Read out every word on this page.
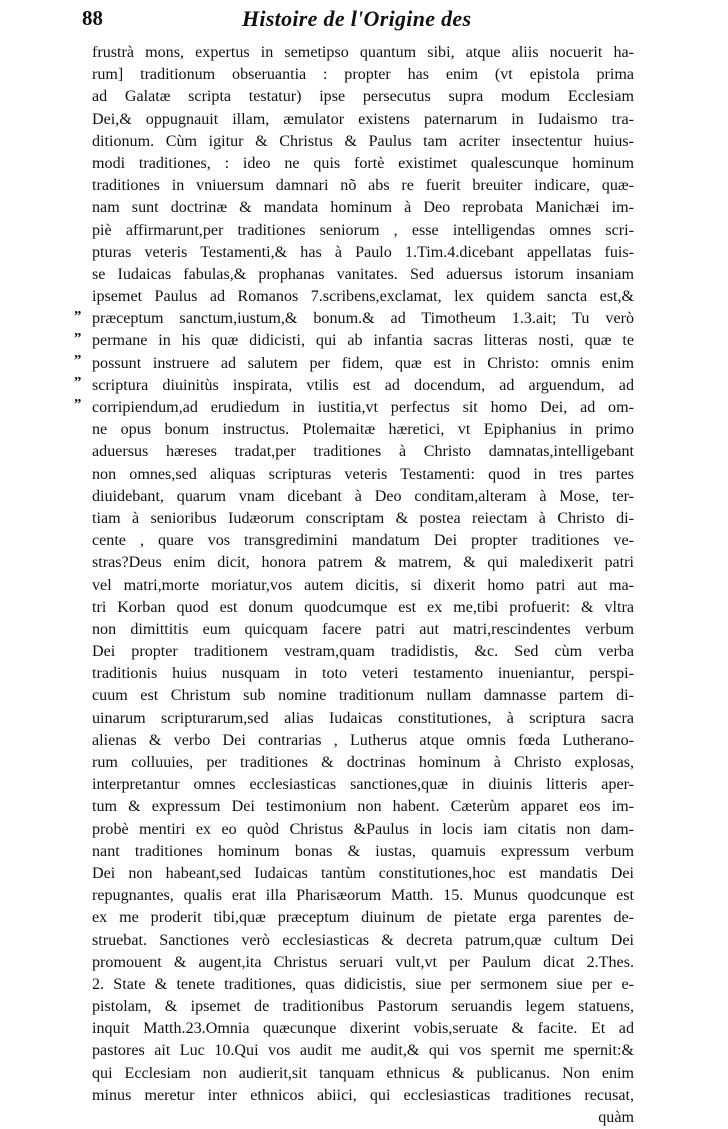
88	Histoire de l'Origine des
frustrà mons, expertus in semetipso quantum sibi, atque aliis nocuerit ha-
rum] traditionum obseruantia : propter has enim (vt epistola prima
ad Galatæ scripta testatur) ipse persecutus supra modum Ecclesiam
Dei,& oppugnauit illam, æmulator existens paternarum in Iudaismo tra-
ditionum. Cùm igitur & Christus & Paulus tam acriter insectentur huius-
modi traditiones, : ideo ne quis fortè existimet qualescunque hominum
traditiones in vniuersum damnari nõ abs re fuerit breuiter indicare, quæ-
nam sunt doctrinæ & mandata hominum à Deo reprobata Manichæi im-
piè affirmarunt,per traditiones seniorum , esse intelligendas omnes scri-
pturas veteris Testamenti,& has à Paulo 1.Tim.4.dicebant appellatas fuis-
se Iudaicas fabulas,& prophanas vanitates. Sed aduersus istorum insaniam
ipsemet Paulus ad Romanos 7.scribens,exclamat, lex quidem sancta est,&
præceptum sanctum,iustum,& bonum.& ad Timotheum 1.3.ait; Tu verò
permane in his quæ didicisti, qui ab infantia sacras litteras nosti, quæ te
possunt instruere ad salutem per fidem, quæ est in Christo: omnis enim
scriptura diuinitùs inspirata, vtilis est ad docendum, ad arguendum, ad
corripiendum,ad erudiedum in iustitia,vt perfectus sit homo Dei, ad om-
ne opus bonum instructus. Ptolemaitæ hæretici, vt Epiphanius in primo
aduersus hæreses tradat,per traditiones à Christo damnatas,intelligebant
non omnes,sed aliquas scripturas veteris Testamenti: quod in tres partes
diuidebant, quarum vnam dicebant à Deo conditam,alteram à Mose, ter-
tiam à senioribus Iudæorum conscriptam & postea reiectam à Christo di-
cente , quare vos transgredimini mandatum Dei propter traditiones ve-
stras?Deus enim dicit, honora patrem & matrem, & qui maledixerit patri
vel matri,morte moriatur,vos autem dicitis, si dixerit homo patri aut ma-
tri Korban quod est donum quodcumque est ex me,tibi profuerit: & vltra
non dimittitis eum quicquam facere patri aut matri,rescindentes verbum
Dei propter traditionem vestram,quam tradidistis, &c. Sed cùm verba
traditionis huius nusquam in toto veteri testamento inueniantur, perspi-
cuum est Christum sub nomine traditionum nullam damnasse partem di-
uinarum scripturarum,sed alias Iudaicas constitutiones, à scriptura sacra
alienas & verbo Dei contrarias , Lutherus atque omnis fœda Lutherano-
rum colluuies, per traditiones & doctrinas hominum à Christo explosas,
interpretantur omnes ecclesiasticas sanctiones,quæ in diuinis litteris aper-
tum & expressum Dei testimonium non habent. Cæterùm apparet eos im-
probè mentiri ex eo quòd Christus &Paulus in locis iam citatis non dam-
nant traditiones hominum bonas & iustas, quamuis expressum verbum
Dei non habeant,sed Iudaicas tantùm constitutiones,hoc est mandatis Dei
repugnantes, qualis erat illa Pharisæorum Matth. 15. Munus quodcunque est
ex me proderit tibi,quæ præceptum diuinum de pietate erga parentes de-
struebat. Sanctiones verò ecclesiasticas & decreta patrum,quæ cultum Dei
promouent & augent,ita Christus seruari vult,vt per Paulum dicat 2.Thes.
2. State & tenete traditiones, quas didicistis, siue per sermonem siue per e-
pistolam, & ipsemet de traditionibus Pastorum seruandis legem statuens,
inquit Matth.23.Omnia quæcunque dixerint vobis,seruate & facite. Et ad
pastores ait Luc 10.Qui vos audit me audit,& qui vos spernit me spernit:&
qui Ecclesiam non audierit,sit tanquam ethnicus & publicanus. Non enim
minus meretur inter ethnicos abiici, qui ecclesiasticas traditiones recusat,
quàm
„
„
„
„
„
